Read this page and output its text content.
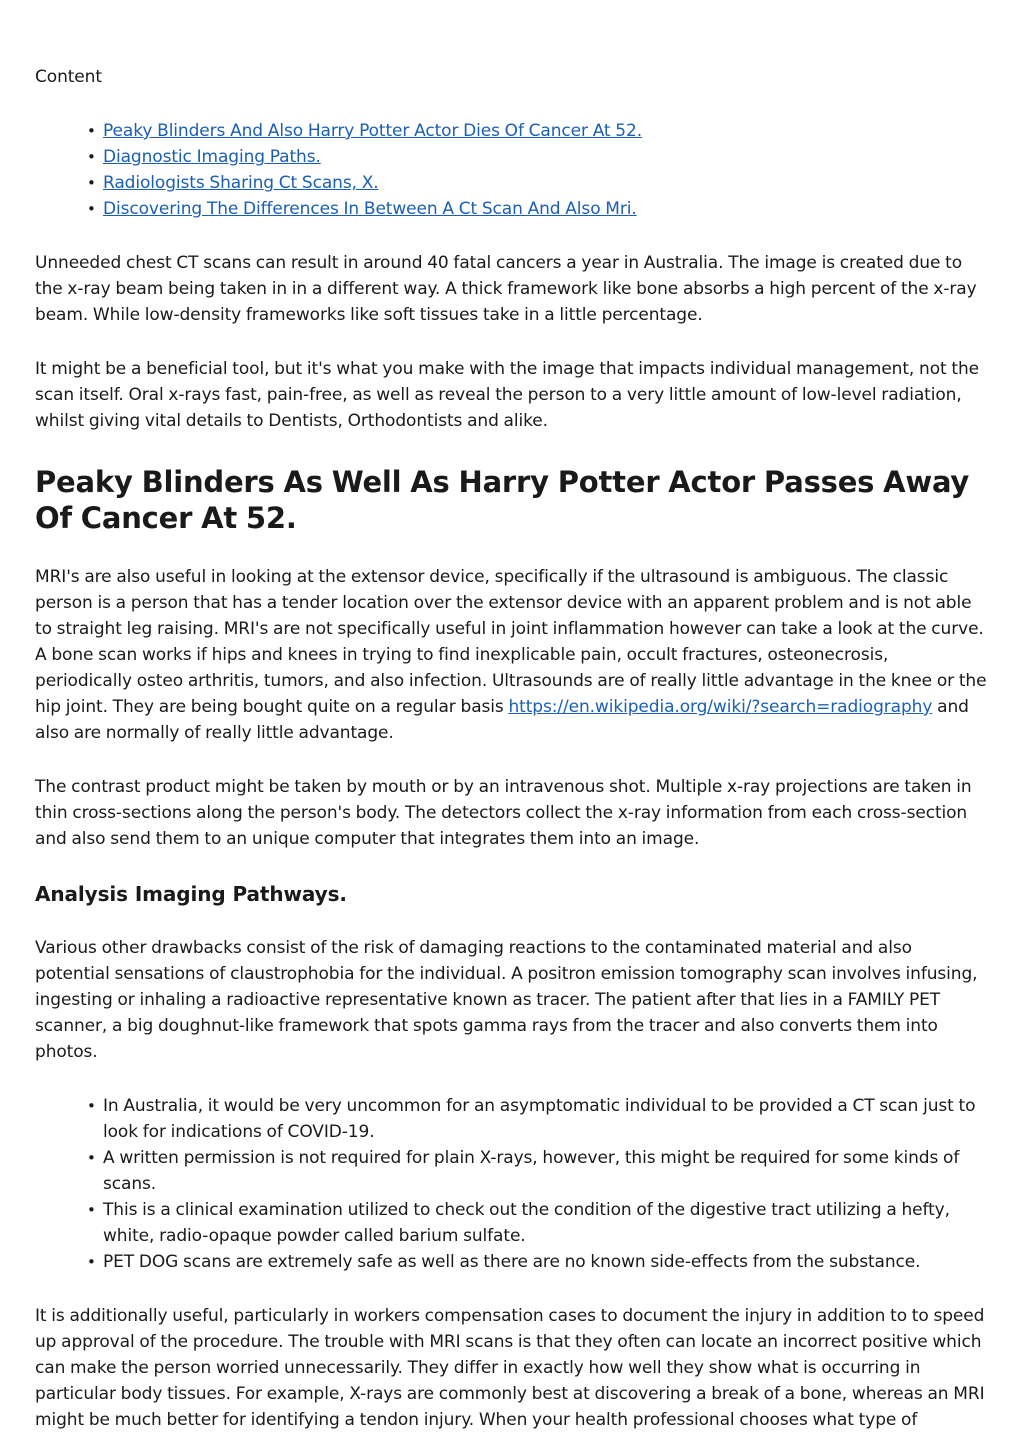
Content

• Peaky Blinders And Also Harry Potter Actor Dies Of Cancer At 52.
• Diagnostic Imaging Paths.
• Radiologists Sharing Ct Scans, X.
• Discovering The Differences In Between A Ct Scan And Also Mri.

Unneeded chest CT scans can result in around 40 fatal cancers a year in Australia. The image is created due to the x-ray beam being taken in in a different way. A thick framework like bone absorbs a high percent of the x-ray beam. While low-density frameworks like soft tissues take in a little percentage.

It might be a beneficial tool, but it's what you make with the image that impacts individual management, not the scan itself. Oral x-rays fast, pain-free, as well as reveal the person to a very little amount of low-level radiation, whilst giving vital details to Dentists, Orthodontists and alike.

Peaky Blinders As Well As Harry Potter Actor Passes Away Of Cancer At 52.

MRI's are also useful in looking at the extensor device, specifically if the ultrasound is ambiguous. The classic person is a person that has a tender location over the extensor device with an apparent problem and is not able to straight leg raising. MRI's are not specifically useful in joint inflammation however can take a look at the curve. A bone scan works if hips and knees in trying to find inexplicable pain, occult fractures, osteonecrosis, periodically osteo arthritis, tumors, and also infection. Ultrasounds are of really little advantage in the knee or the hip joint. They are being bought quite on a regular basis https://en.wikipedia.org/wiki/?search=radiography and also are normally of really little advantage.

The contrast product might be taken by mouth or by an intravenous shot. Multiple x-ray projections are taken in thin cross-sections along the person's body. The detectors collect the x-ray information from each cross-section and also send them to an unique computer that integrates them into an image.

Analysis Imaging Pathways.

Various other drawbacks consist of the risk of damaging reactions to the contaminated material and also potential sensations of claustrophobia for the individual. A positron emission tomography scan involves infusing, ingesting or inhaling a radioactive representative known as tracer. The patient after that lies in a FAMILY PET scanner, a big doughnut-like framework that spots gamma rays from the tracer and also converts them into photos.

• In Australia, it would be very uncommon for an asymptomatic individual to be provided a CT scan just to look for indications of COVID-19.
• A written permission is not required for plain X-rays, however, this might be required for some kinds of scans.
• This is a clinical examination utilized to check out the condition of the digestive tract utilizing a hefty, white, radio-opaque powder called barium sulfate.
• PET DOG scans are extremely safe as well as there are no known side-effects from the substance.

It is additionally useful, particularly in workers compensation cases to document the injury in addition to to speed up approval of the procedure. The trouble with MRI scans is that they often can locate an incorrect positive which can make the person worried unnecessarily. They differ in exactly how well they show what is occurring in particular body tissues. For example, X-rays are commonly best at discovering a break of a bone, whereas an MRI might be much better for identifying a tendon injury. When your health professional chooses what type of
